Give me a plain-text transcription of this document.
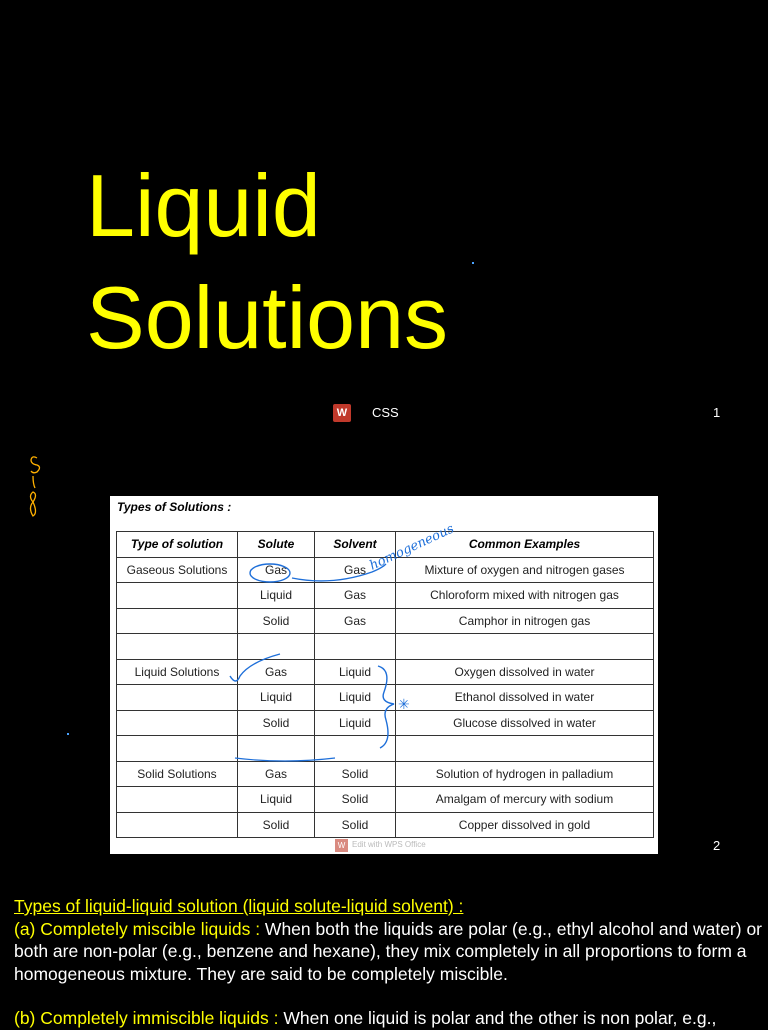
Liquid
Solutions
W CSS	1
Types of Solutions :
Type of solution	Solute	Solvent	Common Examples
Gaseous Solutions	Gas	Gas	Mixture of oxygen and nitrogen gases
	Liquid	Gas	Chloroform mixed with nitrogen gas
	Solid	Gas	Camphor in nitrogen gas

Liquid Solutions	Gas	Liquid	Oxygen dissolved in water
	Liquid	Liquid	Ethanol dissolved in water
	Solid	Liquid	Glucose dissolved in water

Solid Solutions	Gas	Solid	Solution of hydrogen in palladium
	Liquid	Solid	Amalgam of mercury with sodium
	Solid	Solid	Copper dissolved in gold
homogeneous
✳
W Edit with WPS Office	2

Types of liquid-liquid solution (liquid solute-liquid solvent) :

(a) Completely miscible liquids : When both the liquids are polar (e.g., ethyl alcohol and water) or both are non-polar (e.g., benzene and hexane), they mix completely in all proportions to form a homogeneous mixture. They are said to be completely miscible.

(b) Completely immiscible liquids : When one liquid is polar and the other is non polar, e.g.,
